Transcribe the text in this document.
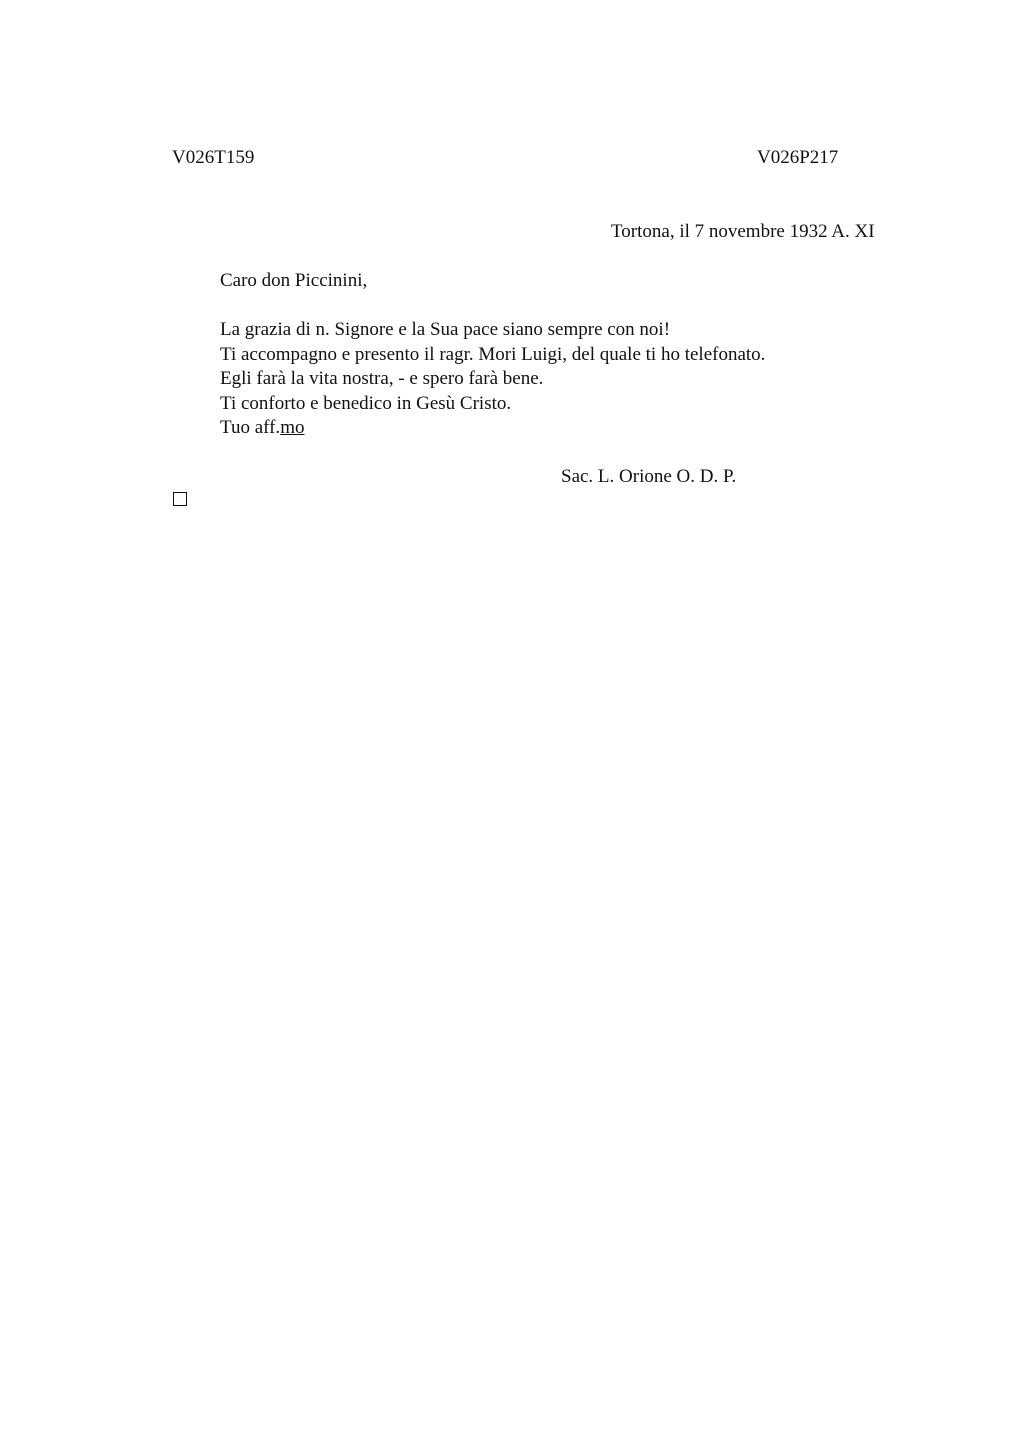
V026T159	V026P217
Tortona, il 7 novembre 1932 A. XI
Caro don Piccinini,
La grazia di n. Signore e la Sua pace siano sempre con noi!
Ti accompagno e presento il ragr. Mori Luigi, del quale ti ho telefonato.
Egli farà la vita nostra, - e spero farà bene.
Ti conforto e benedico in Gesù Cristo.
Tuo aff.mo
Sac. L. Orione O. D. P.
